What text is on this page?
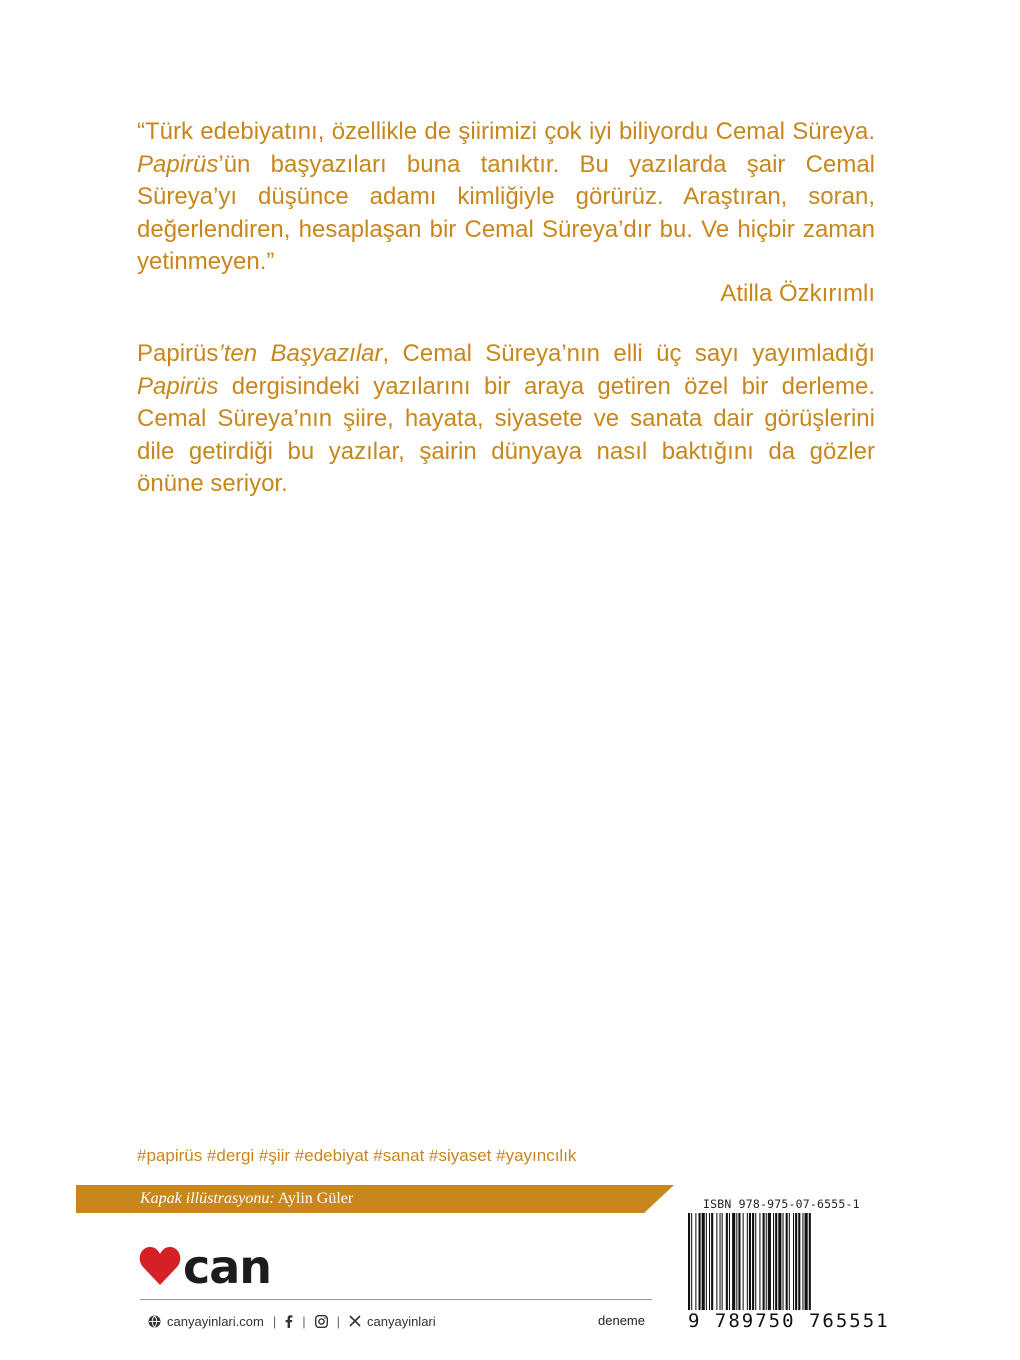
“Türk edebiyatını, özellikle de şiirimizi çok iyi biliyordu Cemal Süreya. Papirüs’ün başyazıları buna tanıktır. Bu yazılarda şair Cemal Süreya’yı düşünce adamı kimliğiyle görürüz. Araştıran, soran, değerlendiren, hesaplaşan bir Cemal Süreya’dır bu. Ve hiçbir zaman yetinmeyen.”

Atilla Özkırımlı

Papirüs’ten Başyazılar, Cemal Süreya’nın elli üç sayı yayımladığı Papirüs dergisindeki yazılarını bir araya getiren özel bir derleme. Cemal Süreya’nın şiire, hayata, siyasete ve sanata dair görüşlerini dile getirdiği bu yazılar, şairin dünyaya nasıl baktığını da gözler önüne seriyor.

#papirüs #dergi #şiir #edebiyat #sanat #siyaset #yayıncılık
Kapak illüstrasyonu: Aylin Güler
can
canyayinlari.com | | | canyayinlari	deneme
ISBN 978-975-07-6555-1
9 789750 765551
